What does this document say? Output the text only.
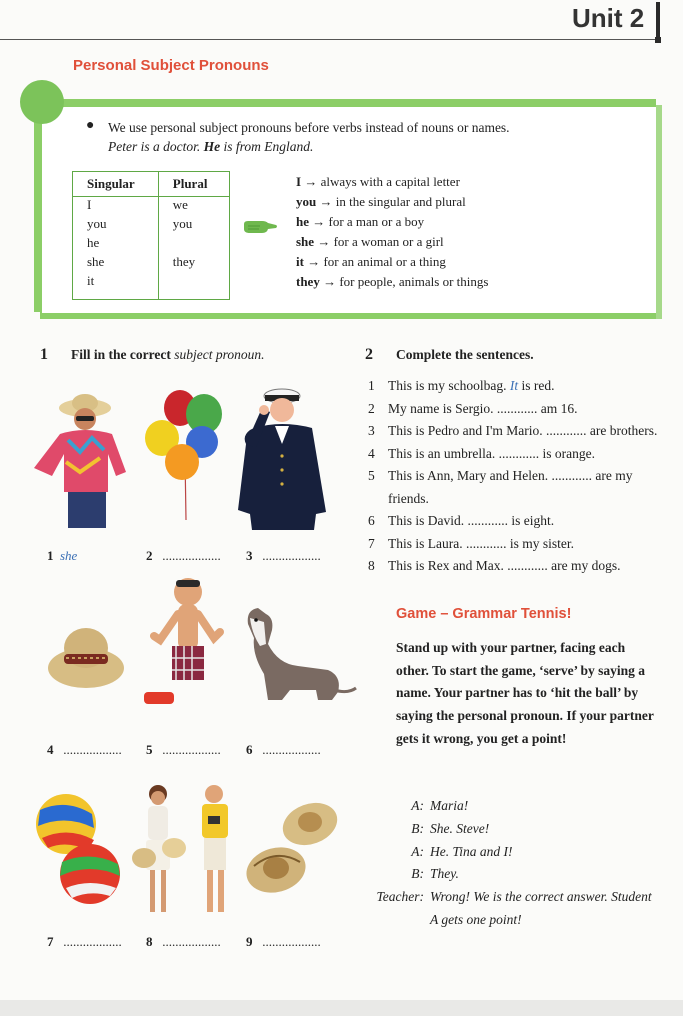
Unit 2
Personal Subject Pronouns
● We use personal subject pronouns before verbs instead of nouns or names.
Peter is a doctor. He is from England.
Singular	Plural
I	we
you	you
he	
she	they
it	
I → always with a capital letter
you → in the singular and plural
he → for a man or a boy
she → for a woman or a girl
it → for an animal or a thing
they → for people, animals or things
1 Fill in the correct subject pronoun.
1 she	2 .................. 3 ..................
4 .................. 5 .................. 6 ..................
7 .................. 8 .................. 9 ..................
2 Complete the sentences.
1 This is my schoolbag. It is red.
2 My name is Sergio. ............ am 16.
3 This is Pedro and I'm Mario. ............ are brothers.
4 This is an umbrella. ............ is orange.
5 This is Ann, Mary and Helen. ............ are my friends.
6 This is David. ............ is eight.
7 This is Laura. ............ is my sister.
8 This is Rex and Max. ............ are my dogs.
Game – Grammar Tennis!
Stand up with your partner, facing each other. To start the game, ‘serve’ by saying a name. Your partner has to ‘hit the ball’ by saying the personal pronoun. If your partner gets it wrong, you get a point!
A: Maria!
B: She. Steve!
A: He. Tina and I!
B: They.
Teacher: Wrong! We is the correct answer. Student A gets one point!
